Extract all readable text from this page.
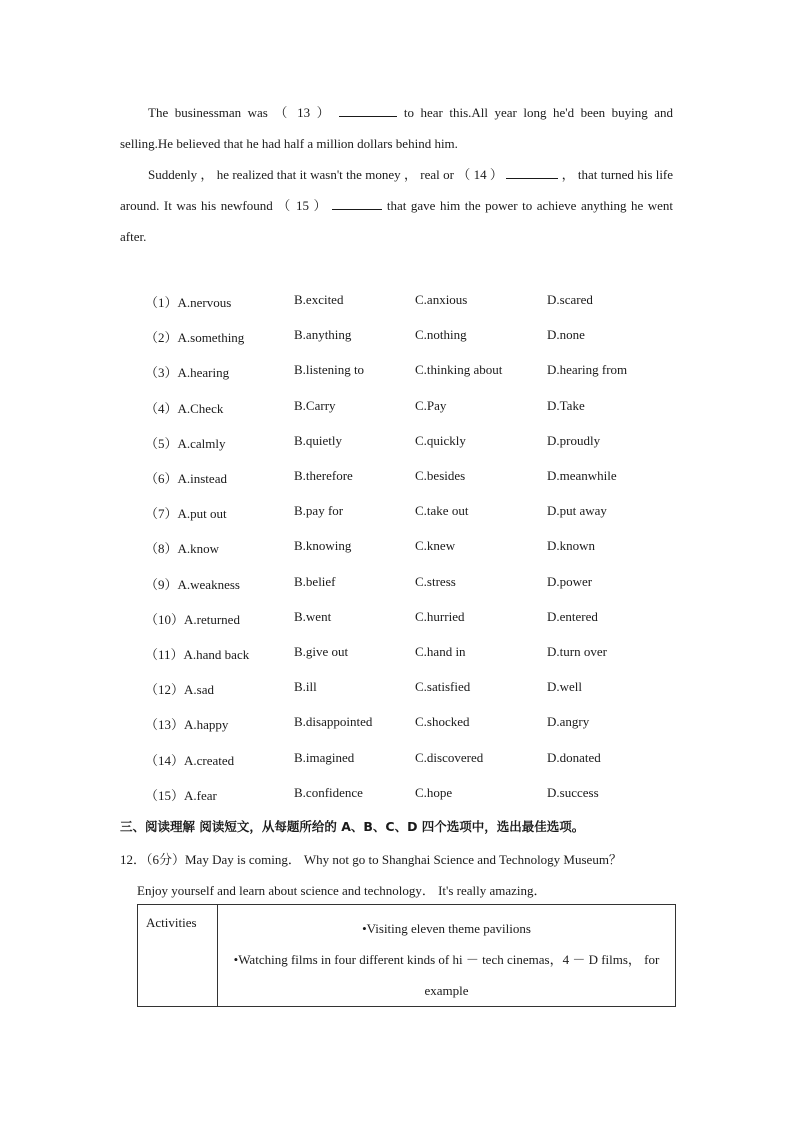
The businessman was （ 13 ）	to hear this.All year long he'd been buying and selling.He believed that he had half a million dollars behind him.

Suddenly ， he realized that it wasn't the money ， real or （ 14 ）	， that turned his life around. It was his newfound （ 15 ）	that gave him the power to achieve anything he went after.

（1）A.nervous	B.excited	C.anxious	D.scared
（2）A.something	B.anything	C.nothing	D.none
（3）A.hearing	B.listening to	C.thinking about	D.hearing from
（4）A.Check	B.Carry	C.Pay	D.Take
（5）A.calmly	B.quietly	C.quickly	D.proudly
（6）A.instead	B.therefore	C.besides	D.meanwhile
（7）A.put out	B.pay for	C.take out	D.put away
（8）A.know	B.knowing	C.knew	D.known
（9）A.weakness	B.belief	C.stress	D.power
（10）A.returned	B.went	C.hurried	D.entered
（11）A.hand back	B.give out	C.hand in	D.turn over
（12）A.sad	B.ill	C.satisfied	D.well
（13）A.happy	B.disappointed	C.shocked	D.angry
（14）A.created	B.imagined	C.discovered	D.donated
（15）A.fear	B.confidence	C.hope	D.success
三、阅读理解 阅读短文，从每题所给的 A、B、C、D 四个选项中，选出最佳选项。
12．（6分）May Day is coming． Why not go to Shanghai Science and Technology Museum？
Enjoy yourself and learn about science and technology． It's really amazing．
Activities	•Visiting eleven theme pavilions
•Watching films in four different kinds of hi － tech cinemas，4 － D films， for example
